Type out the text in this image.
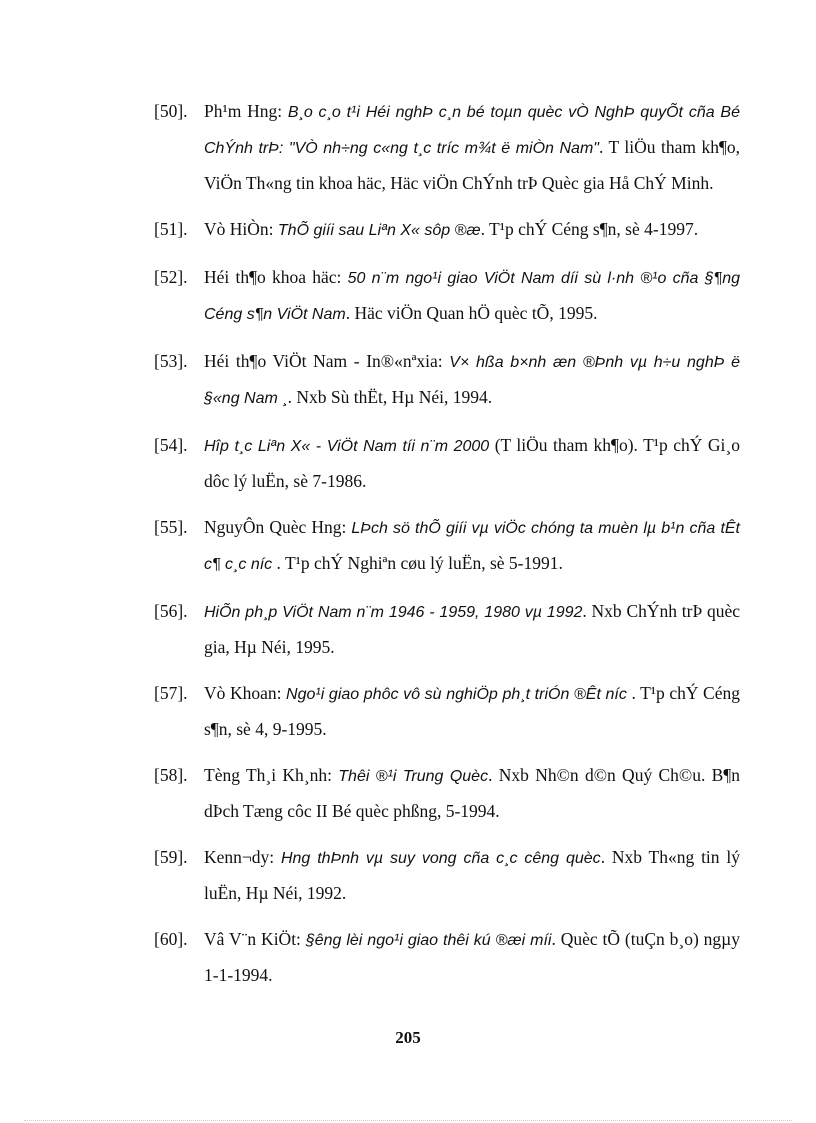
[50]. Ph¹m Hng: B¸o c¸o t¹i Héi nghÞ c¸n bé toµn quèc vÒ NghÞ quyÕt cña Bé ChÝnh trÞ: "VÒ nh÷ng c«ng t¸c tríc m¾t ë miÒn Nam". T liÖu tham kh¶o, ViÖn Th«ng tin khoa häc, Häc viÖn ChÝnh trÞ Quèc gia Hå ChÝ Minh.
[51]. Vò HiÒn: ThÕ giíi sau Liªn X« sôp ®æ. T¹p chÝ Céng s¶n, sè 4-1997.
[52]. Héi th¶o khoa häc: 50 n¨m ngo¹i giao ViÖt Nam díi sù l·nh ®¹o cña §¶ng Céng s¶n ViÖt Nam. Häc viÖn Quan hÖ quèc tÕ, 1995.
[53]. Héi th¶o ViÖt Nam - In®«nªxia: V× hßa b×nh æn ®Þnh vµ h÷u nghÞ ë §«ng Nam ¸. Nxb Sù thËt, Hµ Néi, 1994.
[54].	Hîp t¸c Liªn X« - ViÖt Nam tíi n¨m 2000 (T liÖu tham kh¶o). T¹p chÝ Gi¸o dôc lý luËn, sè 7-1986.
[55]. NguyÔn Quèc Hng: LÞch sö thÕ giíi vµ viÖc chóng ta muèn lµ b¹n cña tÊt c¶ c¸c níc . T¹p chÝ Nghiªn cøu lý luËn, sè 5-1991.
[56].	HiÕn ph¸p ViÖt Nam n¨m 1946 - 1959, 1980 vµ 1992. Nxb ChÝnh trÞ quèc gia, Hµ Néi, 1995.
[57]. Vò Khoan: Ngo¹i giao phôc vô sù nghiÖp ph¸t triÓn ®Êt níc . T¹p chÝ Céng s¶n, sè 4, 9-1995.
[58]. Tèng Th¸i Kh¸nh: Thêi ®¹i Trung Quèc. Nxb Nh©n d©n Quý Ch©u. B¶n dÞch Tæng côc II Bé quèc phßng, 5-1994.
[59]. Kenn¬dy: Hng thÞnh vµ suy vong cña c¸c cêng quèc. Nxb Th«ng tin lý luËn, Hµ Néi, 1992.
[60]. Vâ V¨n KiÖt: §êng lèi ngo¹i giao thêi kú ®æi míi. Quèc tÕ (tuÇn b¸o) ngµy 1-1-1994.
205
